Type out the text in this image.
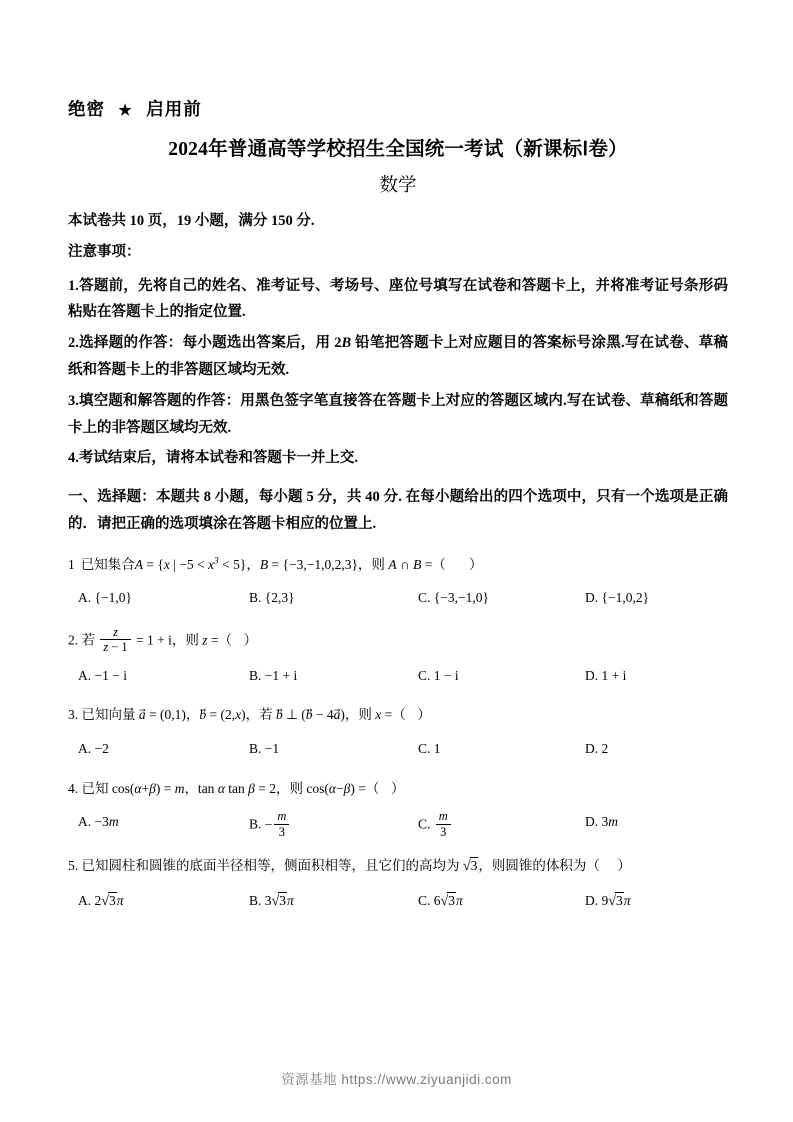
绝密 ★ 启用前
2024年普通高等学校招生全国统一考试（新课标Ⅰ卷）
数学
本试卷共 10 页，19 小题，满分 150 分.
注意事项：
1.答题前，先将自己的姓名、准考证号、考场号、座位号填写在试卷和答题卡上，并将准考证号条形码粘贴在答题卡上的指定位置.
2.选择题的作答：每小题选出答案后，用 2B 铅笔把答题卡上对应题目的答案标号涂黑.写在试卷、草稿纸和答题卡上的非答题区域均无效.
3.填空题和解答题的作答：用黑色签字笔直接答在答题卡上对应的答题区域内.写在试卷、草稿纸和答题卡上的非答题区域均无效.
4.考试结束后，请将本试卷和答题卡一并上交.
一、选择题：本题共 8 小题，每小题 5 分，共 40 分. 在每小题给出的四个选项中，只有一个选项是正确的．请把正确的选项填涂在答题卡相应的位置上.
1 已知集合A = {x | $-5 < x^3 < 5$}，B = {−3,−1,0,2,3}，则 A ∩ B =（ ）
A. {−1,0}	B. {2,3}	C. {−3,−1,0}	D. {−1,0,2}
2. 若 $\frac{z}{z - 1} = 1 + i$，则 z =（ ）
A. −1 − i	B. −1 + i	C. 1 − i	D. 1 + i
3. 已知向量 a⃗ = (0,1)，b⃗ = (2,x)，若 b⃗ ⊥ (b⃗ − 4a⃗)，则 x =（ ）
A. −2	B. −1	C. 1	D. 2
4. 已知 cos(α+β) = m，tan α tan β = 2，则 cos(α−β) =（ ）
A. −3m	B. − $\frac{m}{3}$	C. $\frac{m}{3}$	D. 3m
5. 已知圆柱和圆锥的底面半径相等，侧面积相等，且它们的高均为 √3，则圆锥的体积为（ ）
A. 2√3π	B. 3√3π	C. 6√3π	D. 9√3π
资源基地 https://www.ziyuanjidi.com
